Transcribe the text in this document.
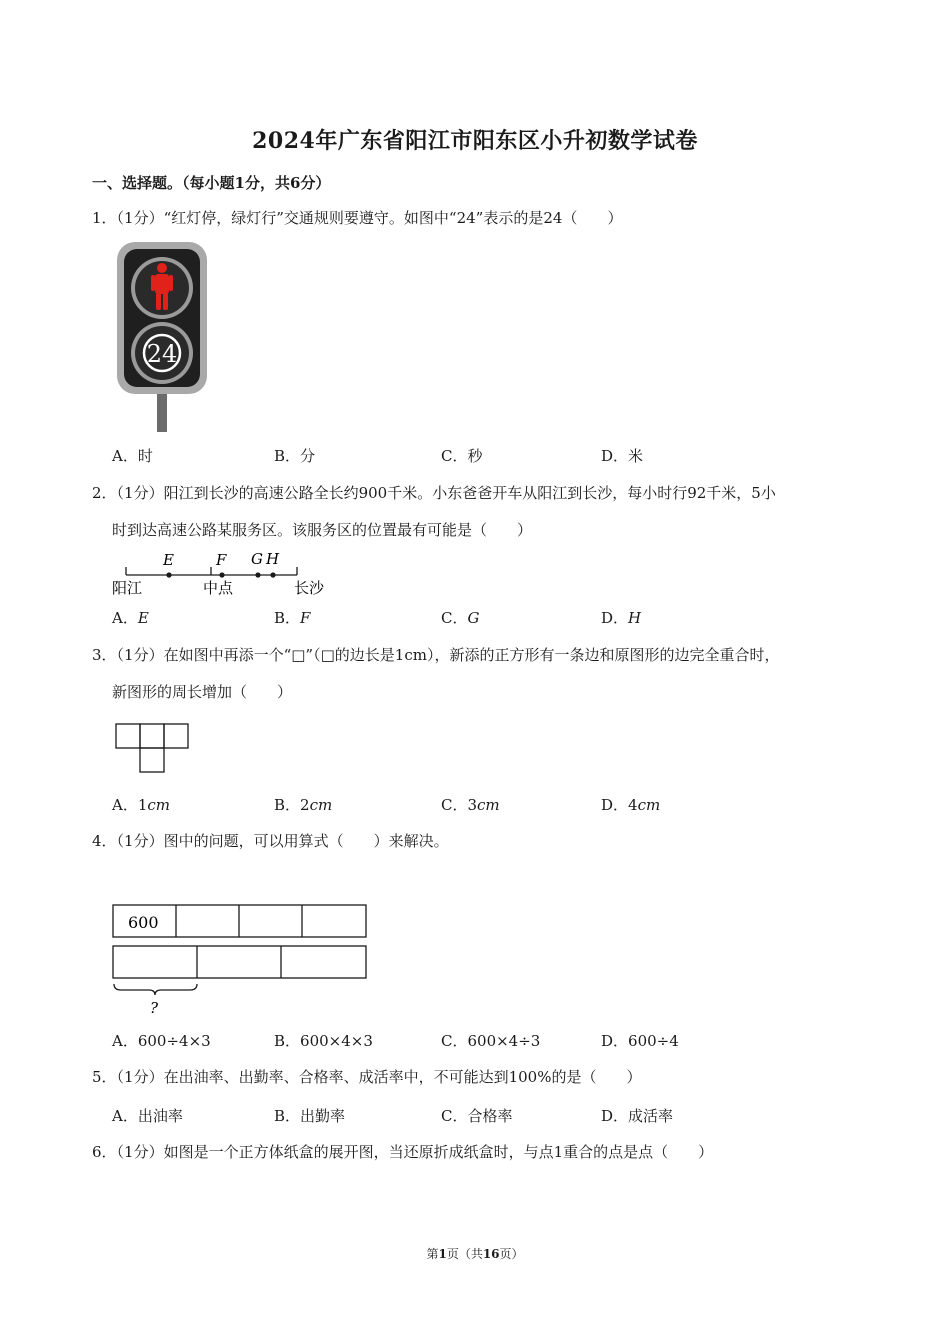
2024年广东省阳江市阳东区小升初数学试卷
一、选择题。（每小题1分，共6分）
1．（1分）“红灯停，绿灯行”交通规则要遵守。如图中“24”表示的是24（　　）
24
A．时	B．分	C．秒	D．米
2．（1分）阳江到长沙的高速公路全长约900千米。小东爸爸开车从阳江到长沙，每小时行92千米，5小
时到达高速公路某服务区。该服务区的位置最有可能是（　　）
E	F G H
阳江	中点	长沙
A．E	B．F	C．G	D．H
3．（1分）在如图中再添一个“□”（□的边长是1cm），新添的正方形有一条边和原图形的边完全重合时，
新图形的周长增加（　　）
A．1cm	B．2cm	C．3cm	D．4cm
4．（1分）图中的问题，可以用算式（　　）来解决。
600
?
A．600÷4×3	B．600×4×3	C．600×4÷3	D．600÷4
5．（1分）在出油率、出勤率、合格率、成活率中，不可能达到100%的是（　　）
A．出油率	B．出勤率	C．合格率	D．成活率
6．（1分）如图是一个正方体纸盒的展开图，当还原折成纸盒时，与点1重合的点是点（　　）
第1页（共16页）
